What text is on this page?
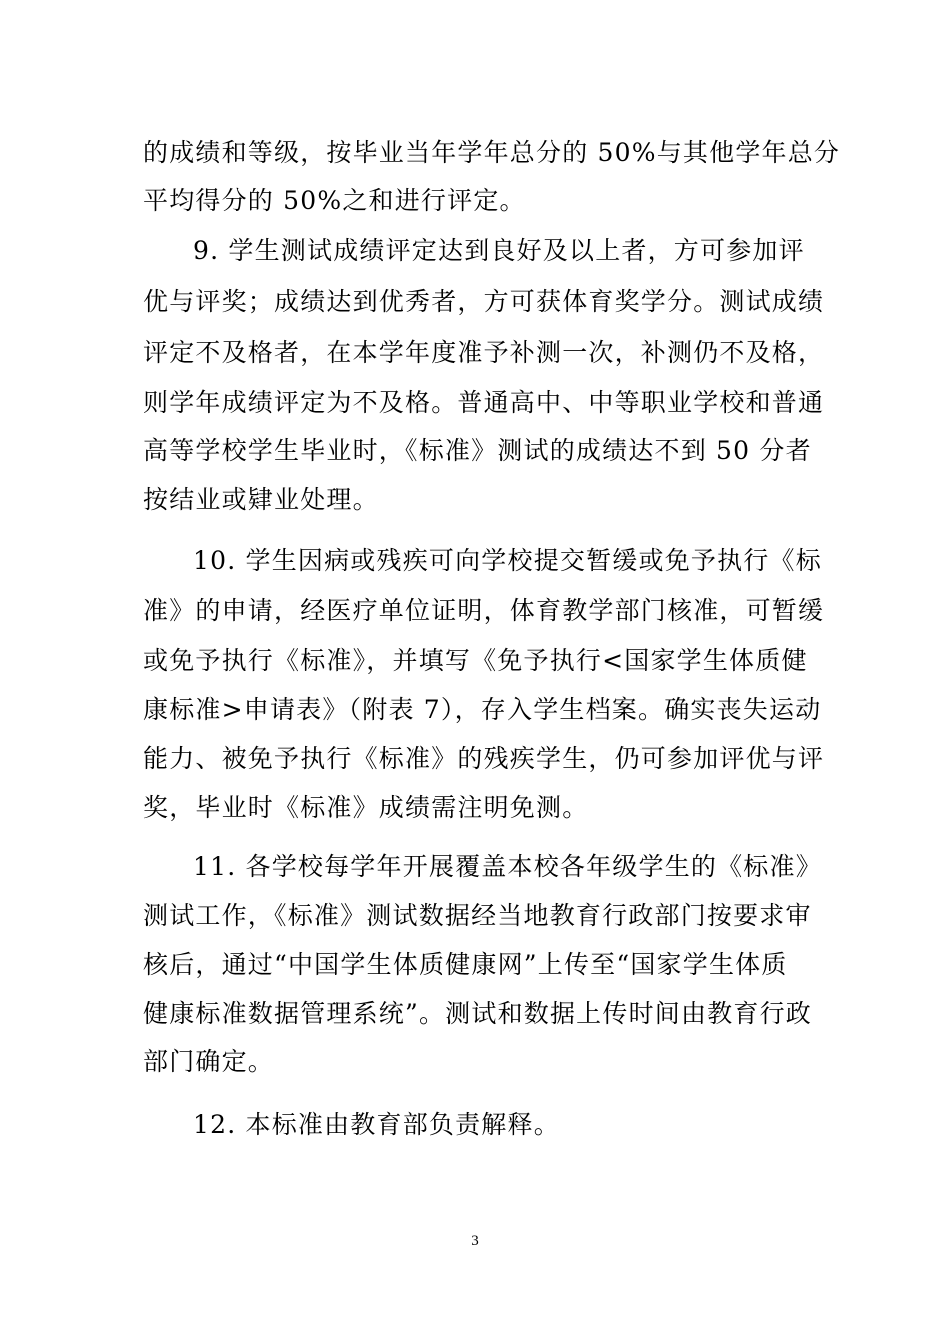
的成绩和等级，按毕业当年学年总分的 50%与其他学年总分
平均得分的 50%之和进行评定。
9. 学生测试成绩评定达到良好及以上者，方可参加评
优与评奖；成绩达到优秀者，方可获体育奖学分。测试成绩
评定不及格者，在本学年度准予补测一次，补测仍不及格，
则学年成绩评定为不及格。普通高中、中等职业学校和普通
高等学校学生毕业时，《标准》测试的成绩达不到 50 分者
按结业或肄业处理。
10. 学生因病或残疾可向学校提交暂缓或免予执行《标
准》的申请，经医疗单位证明，体育教学部门核准，可暂缓
或免予执行《标准》，并填写《免予执行<国家学生体质健
康标准>申请表》（附表 7），存入学生档案。确实丧失运动
能力、被免予执行《标准》的残疾学生，仍可参加评优与评
奖，毕业时《标准》成绩需注明免测。
11. 各学校每学年开展覆盖本校各年级学生的《标准》
测试工作，《标准》测试数据经当地教育行政部门按要求审
核后，通过“中国学生体质健康网”上传至“国家学生体质
健康标准数据管理系统”。测试和数据上传时间由教育行政
部门确定。
12. 本标准由教育部负责解释。
3
